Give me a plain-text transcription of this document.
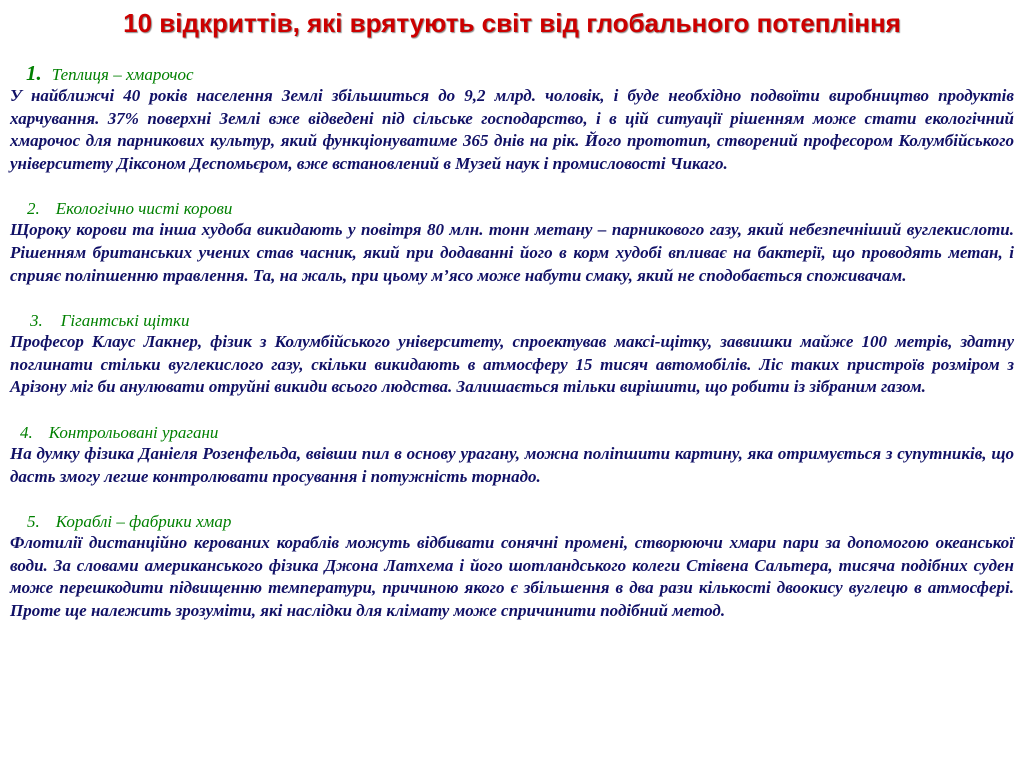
10 відкриттів, які врятують світ від глобального потепління

1. Теплиця – хмарочос

У найближчі 40 років населення Землі збільшиться до 9,2 млрд. чоловік, і буде необхідно подвоїти виробництво продуктів харчування. 37% поверхні Землі вже відведені під сільське господарство, і в цій ситуації рішенням може стати екологічний хмарочос для парникових культур, який функціонуватиме 365 днів на рік. Його прототип, створений професором Колумбійського університету Діксоном Деспомьєром, вже встановлений в Музей наук і промисловості Чикаго.

2. Екологічно чисті корови

Щороку корови та інша худоба викидають у повітря 80 млн. тонн метану – парникового газу, який небезпечніший вуглекислоти. Рішенням британських учених став часник, який при додаванні його в корм худобі впливає на бактерії, що проводять метан, і сприяє поліпшенню травлення. Та, на жаль, при цьому м’ясо може набути смаку, який не сподобається споживачам.

3. Гігантські щітки

Професор Клаус Лакнер, фізик з Колумбійського університету, спроектував максі-щітку, заввишки майже 100 метрів, здатну поглинати стільки вуглекислого газу, скільки викидають в атмосферу 15 тисяч автомобілів. Ліс таких пристроїв розміром з Арізону міг би анулювати отруйні викиди всього людства. Залишається тільки вирішити, що робити із зібраним газом.

4. Контрольовані урагани

На думку фізика Даніеля Розенфельда, ввівши пил в основу урагану, можна поліпшити картину, яка отримується з супутників, що дасть змогу легше контролювати просування і потужність торнадо.

5. Кораблі – фабрики хмар

Флотилії дистанційно керованих кораблів можуть відбивати сонячні промені, створюючи хмари пари за допомогою океанської води. За словами американського фізика Джона Латхема і його шотландського колеги Стівена Сальтера, тисяча подібних суден може перешкодити підвищенню температури, причиною якого є збільшення в два рази кількості двоокису вуглецю в атмосфері. Проте ще належить зрозуміти, які наслідки для клімату може спричинити подібний метод.
